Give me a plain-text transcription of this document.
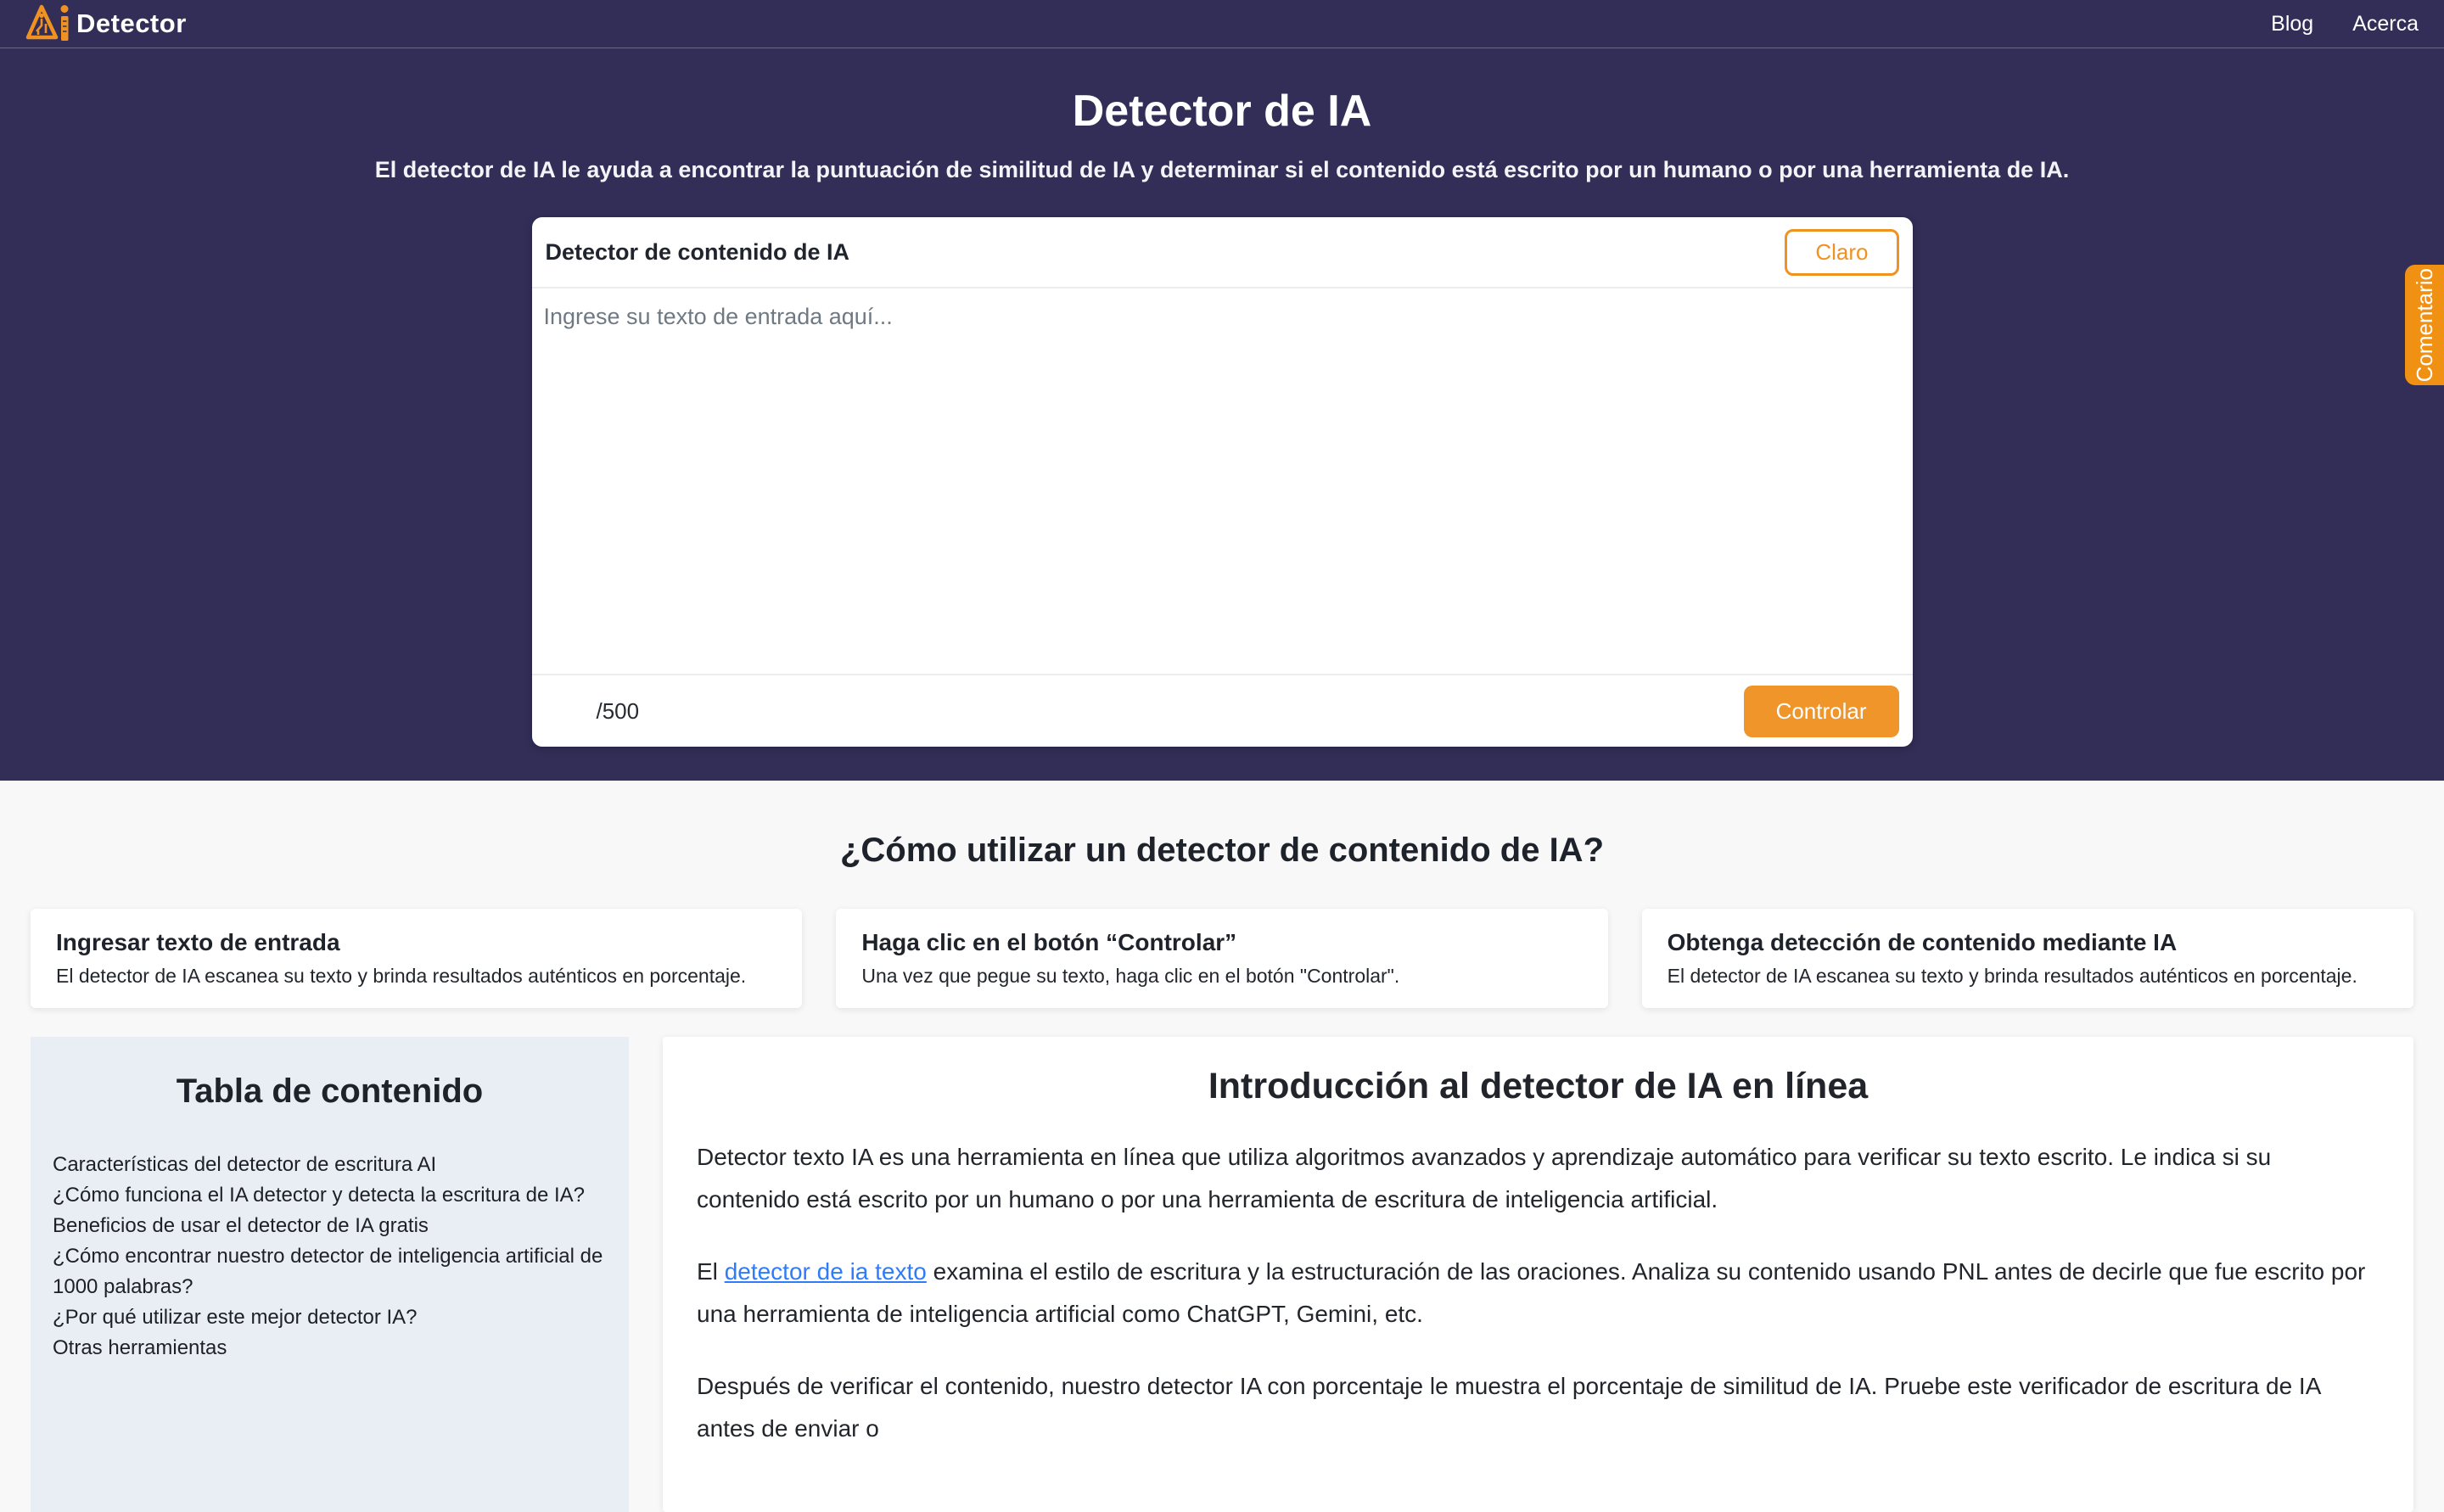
Detector	Blog Acerca
Detector de IA

El detector de IA le ayuda a encontrar la puntuación de similitud de IA y determinar si el contenido está escrito por un humano o por una herramienta de IA.

Detector de contenido de IA	Claro
Ingrese su texto de entrada aquí...
/500	Controlar
Comentario
¿Cómo utilizar un detector de contenido de IA?
Ingresar texto de entrada

El detector de IA escanea su texto y brinda resultados auténticos en porcentaje.

Haga clic en el botón “Controlar”

Una vez que pegue su texto, haga clic en el botón "Controlar".

Obtenga detección de contenido mediante IA

El detector de IA escanea su texto y brinda resultados auténticos en porcentaje.

Tabla de contenido
Características del detector de escritura AI
¿Cómo funciona el IA detector y detecta la escritura de IA?
Beneficios de usar el detector de IA gratis
¿Cómo encontrar nuestro detector de inteligencia artificial de 1000 palabras?
¿Por qué utilizar este mejor detector IA?
Otras herramientas
Introducción al detector de IA en línea

Detector texto IA es una herramienta en línea que utiliza algoritmos avanzados y aprendizaje automático para verificar su texto escrito. Le indica si su contenido está escrito por un humano o por una herramienta de escritura de inteligencia artificial.

El detector de ia texto examina el estilo de escritura y la estructuración de las oraciones. Analiza su contenido usando PNL antes de decirle que fue escrito por una herramienta de inteligencia artificial como ChatGPT, Gemini, etc.

Después de verificar el contenido, nuestro detector IA con porcentaje le muestra el porcentaje de similitud de IA. Pruebe este verificador de escritura de IA antes de enviar o
